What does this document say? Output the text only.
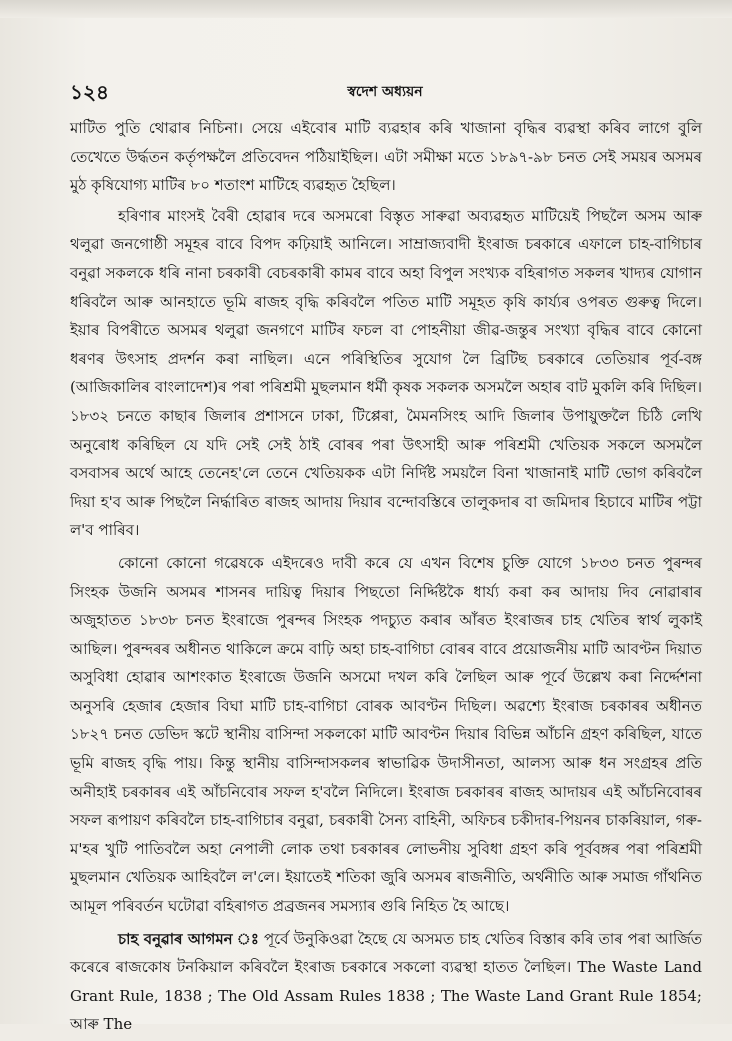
১২৪	স্বদেশ অধ্যয়ন

মাটিত পুতি থোৱাৰ নিচিনা। সেয়ে এইবোৰ মাটি ব্যৱহাৰ কৰি খাজানা বৃদ্ধিৰ ব্যৱস্থা কৰিব লাগে বুলি তেখেতে উৰ্দ্ধতন কৰ্তৃপক্ষলৈ প্ৰতিবেদন পঠিয়াইছিল। এটা সমীক্ষা মতে ১৮৯৭-৯৮ চনত সেই সময়ৰ অসমৰ মুঠ কৃষিযোগ্য মাটিৰ ৮০ শতাংশ মাটিহে ব্যৱহৃত হৈছিল।

হৰিণাৰ মাংসই বৈৰী হোৱাৰ দৰে অসমৰো বিস্তৃত সাৰুৱা অব্যৱহৃত মাটিয়েই পিছলৈ অসম আৰু থলুৱা জনগোষ্ঠী সমূহৰ বাবে বিপদ কঢ়িয়াই আনিলে। সাম্ৰাজ্যবাদী ইংৰাজ চৰকাৰে এফালে চাহ-বাগিচাৰ বনুৱা সকলকে ধৰি নানা চৰকাৰী বেচৰকাৰী কামৰ বাবে অহা বিপুল সংখ্যক বহিৰাগত সকলৰ খাদ্যৰ যোগান ধৰিবলৈ আৰু আনহাতে ভূমি ৰাজহ বৃদ্ধি কৰিবলৈ পতিত মাটি সমূহত কৃষি কাৰ্য্যৰ ওপৰত গুৰুত্ব দিলে। ইয়াৰ বিপৰীতে অসমৰ থলুৱা জনগণে মাটিৰ ফচল বা পোহনীয়া জীৱ-জন্তুৰ সংখ্যা বৃদ্ধিৰ বাবে কোনো ধৰণৰ উৎসাহ প্ৰদৰ্শন কৰা নাছিল। এনে পৰিস্থিতিৰ সুযোগ লৈ ব্ৰিটিছ চৰকাৰে তেতিয়াৰ পূৰ্ব-বঙ্গ (আজিকালিৰ বাংলাদেশ)ৰ পৰা পৰিশ্ৰমী মুছলমান ধৰ্মী কৃষক সকলক অসমলৈ অহাৰ বাট মুকলি কৰি দিছিল। ১৮৩২ চনতে কাছাৰ জিলাৰ প্ৰশাসনে ঢাকা, টিপ্পেৰা, মৈমনসিংহ আদি জিলাৰ উপায়ুক্তলৈ চিঠি লেখি অনুৰোধ কৰিছিল যে যদি সেই সেই ঠাই বোৰৰ পৰা উৎসাহী আৰু পৰিশ্ৰমী খেতিয়ক সকলে অসমলৈ বসবাসৰ অৰ্থে আহে তেনেহ'লে তেনে খেতিয়কক এটা নিৰ্দিষ্ট সময়লৈ বিনা খাজানাই মাটি ভোগ কৰিবলৈ দিয়া হ'ব আৰু পিছলৈ নিৰ্দ্ধাৰিত ৰাজহ আদায় দিয়াৰ বন্দোবস্তিৰে তালুকদাৰ বা জমিদাৰ হিচাবে মাটিৰ পট্টা ল'ব পাৰিব।

কোনো কোনো গৱেষকে এইদৰেও দাবী কৰে যে এখন বিশেষ চুক্তি যোগে ১৮৩৩ চনত পুৰন্দৰ সিংহক উজনি অসমৰ শাসনৰ দায়িত্ব দিয়াৰ পিছতো নিৰ্দ্দিষ্টকৈ ধাৰ্য্য কৰা কৰ আদায় দিব নোৱাৰাৰ অজুহাতত ১৮৩৮ চনত ইংৰাজে পুৰন্দৰ সিংহক পদচ্যুত কৰাৰ আঁৰত ইংৰাজৰ চাহ খেতিৰ স্বাৰ্থ লুকাই আছিল। পুৰন্দৰৰ অধীনত থাকিলে ক্ৰমে বাঢ়ি অহা চাহ-বাগিচা বোৰৰ বাবে প্ৰয়োজনীয় মাটি আবণ্টন দিয়াত অসুবিধা হোৱাৰ আশংকাত ইংৰাজে উজনি অসমো দখল কৰি লৈছিল আৰু পূৰ্বে উল্লেখ কৰা নিৰ্দ্দেশনা অনুসৰি হেজাৰ হেজাৰ বিঘা মাটি চাহ-বাগিচা বোৰক আবণ্টন দিছিল। অৱশ্যে ইংৰাজ চৰকাৰৰ অধীনত ১৮২৭ চনত ডেভিদ স্কটে স্থানীয় বাসিন্দা সকলকো মাটি আবণ্টন দিয়াৰ বিভিন্ন আঁচনি গ্ৰহণ কৰিছিল, যাতে ভূমি ৰাজহ বৃদ্ধি পায়। কিন্তু স্থানীয় বাসিন্দাসকলৰ স্বাভাৱিক উদাসীনতা, আলস্য আৰু ধন সংগ্ৰহৰ প্ৰতি অনীহাই চৰকাৰৰ এই আঁচনিবোৰ সফল হ'বলৈ নিদিলে। ইংৰাজ চৰকাৰৰ ৰাজহ আদায়ৰ এই আঁচনিবোৰৰ সফল ৰূপায়ণ কৰিবলৈ চাহ-বাগিচাৰ বনুৱা, চৰকাৰী সৈন্য বাহিনী, অফিচৰ চকীদাৰ-পিয়নৰ চাকৰিয়াল, গৰু-ম'হৰ খুটি পাতিবলৈ অহা নেপালী লোক তথা চৰকাৰৰ লোভনীয় সুবিধা গ্ৰহণ কৰি পূৰ্ববঙ্গৰ পৰা পৰিশ্ৰমী মুছলমান খেতিয়ক আহিবলৈ ল'লে। ইয়াতেই শতিকা জুৰি অসমৰ ৰাজনীতি, অৰ্থনীতি আৰু সমাজ গাঁথনিত আমূল পৰিবৰ্তন ঘটোৱা বহিৰাগত প্ৰব্ৰজনৰ সমস্যাৰ গুৰি নিহিত হৈ আছে।

চাহ বনুৱাৰ আগমন ঃ পূৰ্বে উনুকিওৱা হৈছে যে অসমত চাহ খেতিৰ বিস্তাৰ কৰি তাৰ পৰা আৰ্জিত কৰেৰে ৰাজকোষ টনকিয়াল কৰিবলৈ ইংৰাজ চৰকাৰে সকলো ব্যৱস্থা হাতত লৈছিল। The Waste Land Grant Rule, 1838 ; The Old Assam Rules 1838 ; The Waste Land Grant Rule 1854; আৰু The
